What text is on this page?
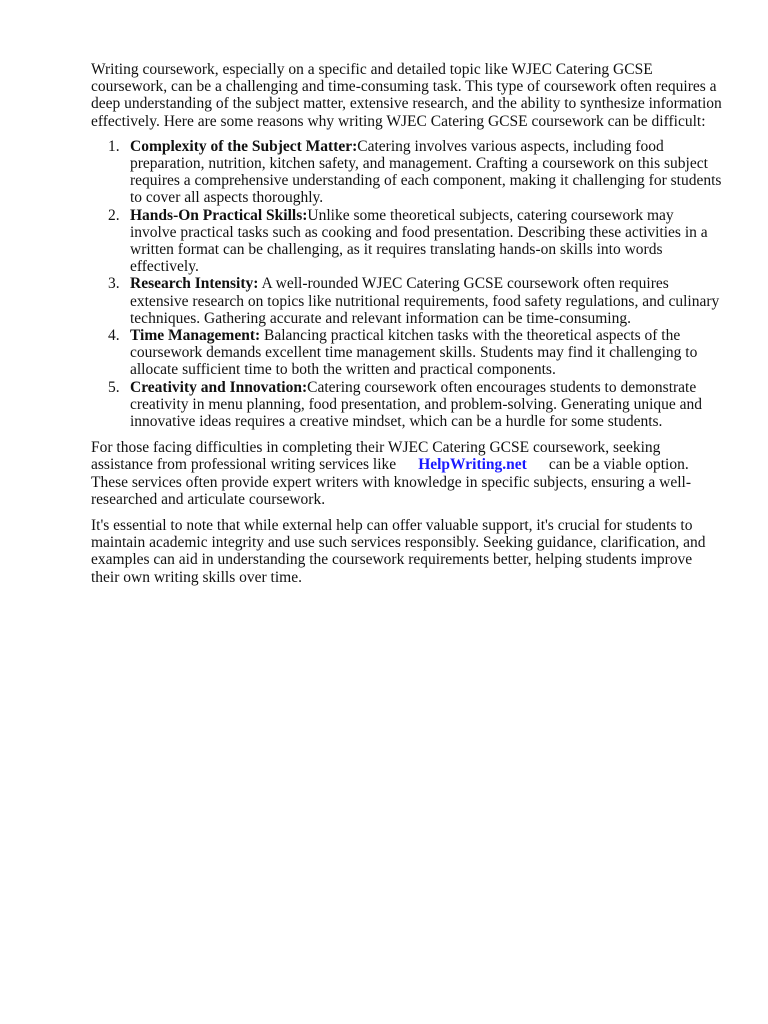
Writing coursework, especially on a specific and detailed topic like WJEC Catering GCSE coursework, can be a challenging and time-consuming task. This type of coursework often requires a deep understanding of the subject matter, extensive research, and the ability to synthesize information effectively. Here are some reasons why writing WJEC Catering GCSE coursework can be difficult:

1. Complexity of the Subject Matter:Catering involves various aspects, including food preparation, nutrition, kitchen safety, and management. Crafting a coursework on this subject requires a comprehensive understanding of each component, making it challenging for students to cover all aspects thoroughly.
2. Hands-On Practical Skills:Unlike some theoretical subjects, catering coursework may involve practical tasks such as cooking and food presentation. Describing these activities in a written format can be challenging, as it requires translating hands-on skills into words effectively.
3. Research Intensity: A well-rounded WJEC Catering GCSE coursework often requires extensive research on topics like nutritional requirements, food safety regulations, and culinary techniques. Gathering accurate and relevant information can be time-consuming.
4. Time Management: Balancing practical kitchen tasks with the theoretical aspects of the coursework demands excellent time management skills. Students may find it challenging to allocate sufficient time to both the written and practical components.
5. Creativity and Innovation:Catering coursework often encourages students to demonstrate creativity in menu planning, food presentation, and problem-solving. Generating unique and innovative ideas requires a creative mindset, which can be a hurdle for some students.

For those facing difficulties in completing their WJEC Catering GCSE coursework, seeking assistance from professional writing services like HelpWriting.net can be a viable option. These services often provide expert writers with knowledge in specific subjects, ensuring a well-researched and articulate coursework.

It's essential to note that while external help can offer valuable support, it's crucial for students to maintain academic integrity and use such services responsibly. Seeking guidance, clarification, and examples can aid in understanding the coursework requirements better, helping students improve their own writing skills over time.
